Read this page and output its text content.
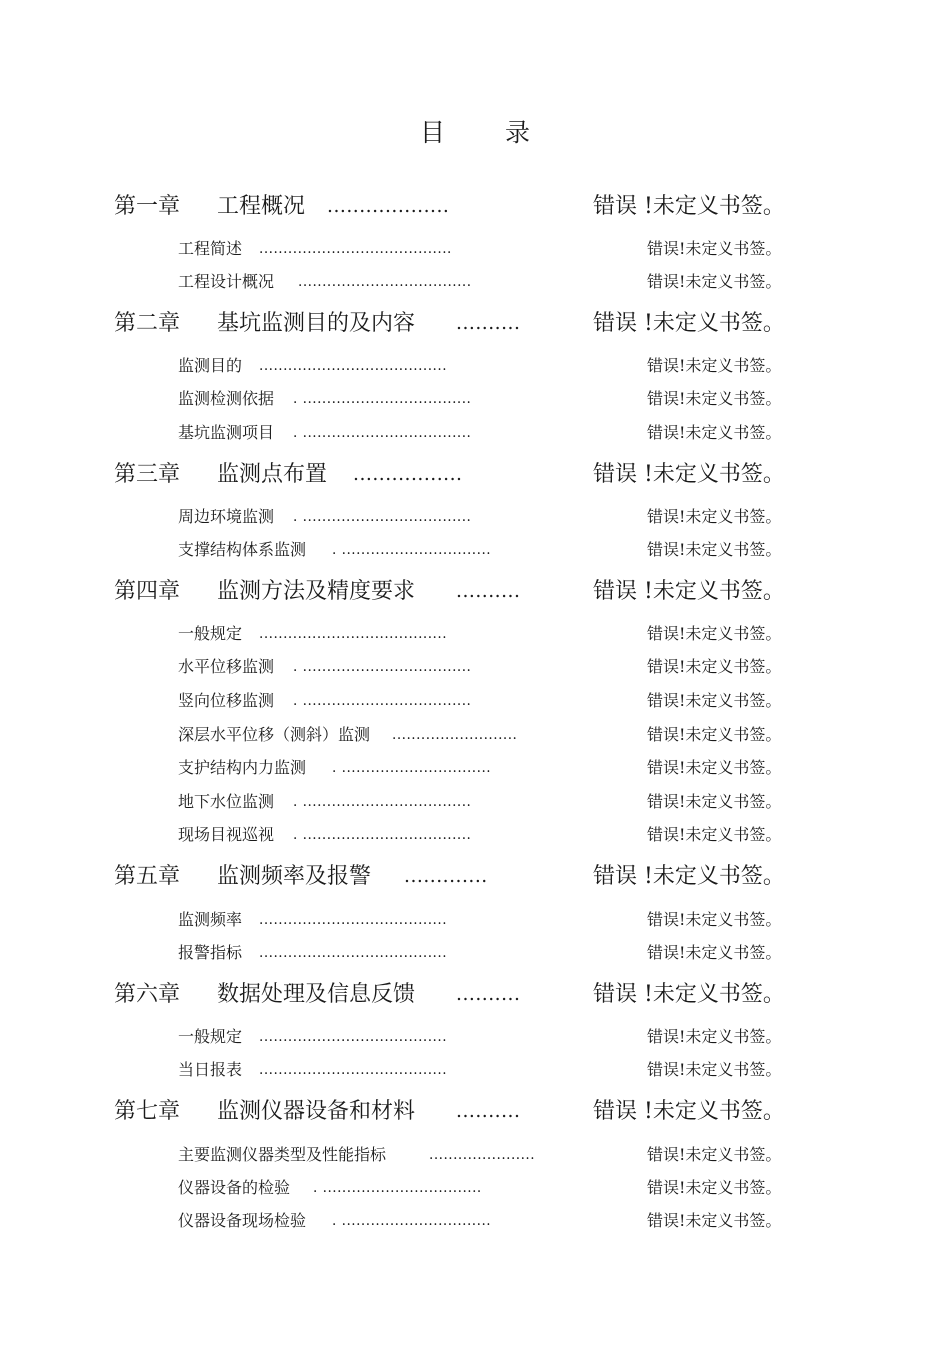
目 录
第一章 工程概况 ...................	错误 !未定义书签。
工程简述 ........................................	错误!未定义书签。
工程设计概况 ....................................	错误!未定义书签。
第二章 基坑监测目的及内容 ..........	错误 !未定义书签。
监测目的 .......................................	错误!未定义书签。
监测检测依据 . ...................................	错误!未定义书签。
基坑监测项目 . ...................................	错误!未定义书签。
第三章 监测点布置 .................	错误 !未定义书签。
周边环境监测 . ...................................	错误!未定义书签。
支撑结构体系监测 . ...............................	错误!未定义书签。
第四章 监测方法及精度要求 ..........	错误 !未定义书签。
一般规定 .......................................	错误!未定义书签。
水平位移监测 . ...................................	错误!未定义书签。
竖向位移监测 . ...................................	错误!未定义书签。
深层水平位移（测斜）监测 ..........................	错误!未定义书签。
支护结构内力监测 . ...............................	错误!未定义书签。
地下水位监测 . ...................................	错误!未定义书签。
现场目视巡视 . ...................................	错误!未定义书签。
第五章 监测频率及报警 .............	错误 !未定义书签。
监测频率 .......................................	错误!未定义书签。
报警指标 .......................................	错误!未定义书签。
第六章 数据处理及信息反馈 ..........	错误 !未定义书签。
一般规定 .......................................	错误!未定义书签。
当日报表 .......................................	错误!未定义书签。
第七章 监测仪器设备和材料 ..........	错误 !未定义书签。
主要监测仪器类型及性能指标	......................	错误!未定义书签。
仪器设备的检验 . .................................	错误!未定义书签。
仪器设备现场检验 . ...............................	错误!未定义书签。
